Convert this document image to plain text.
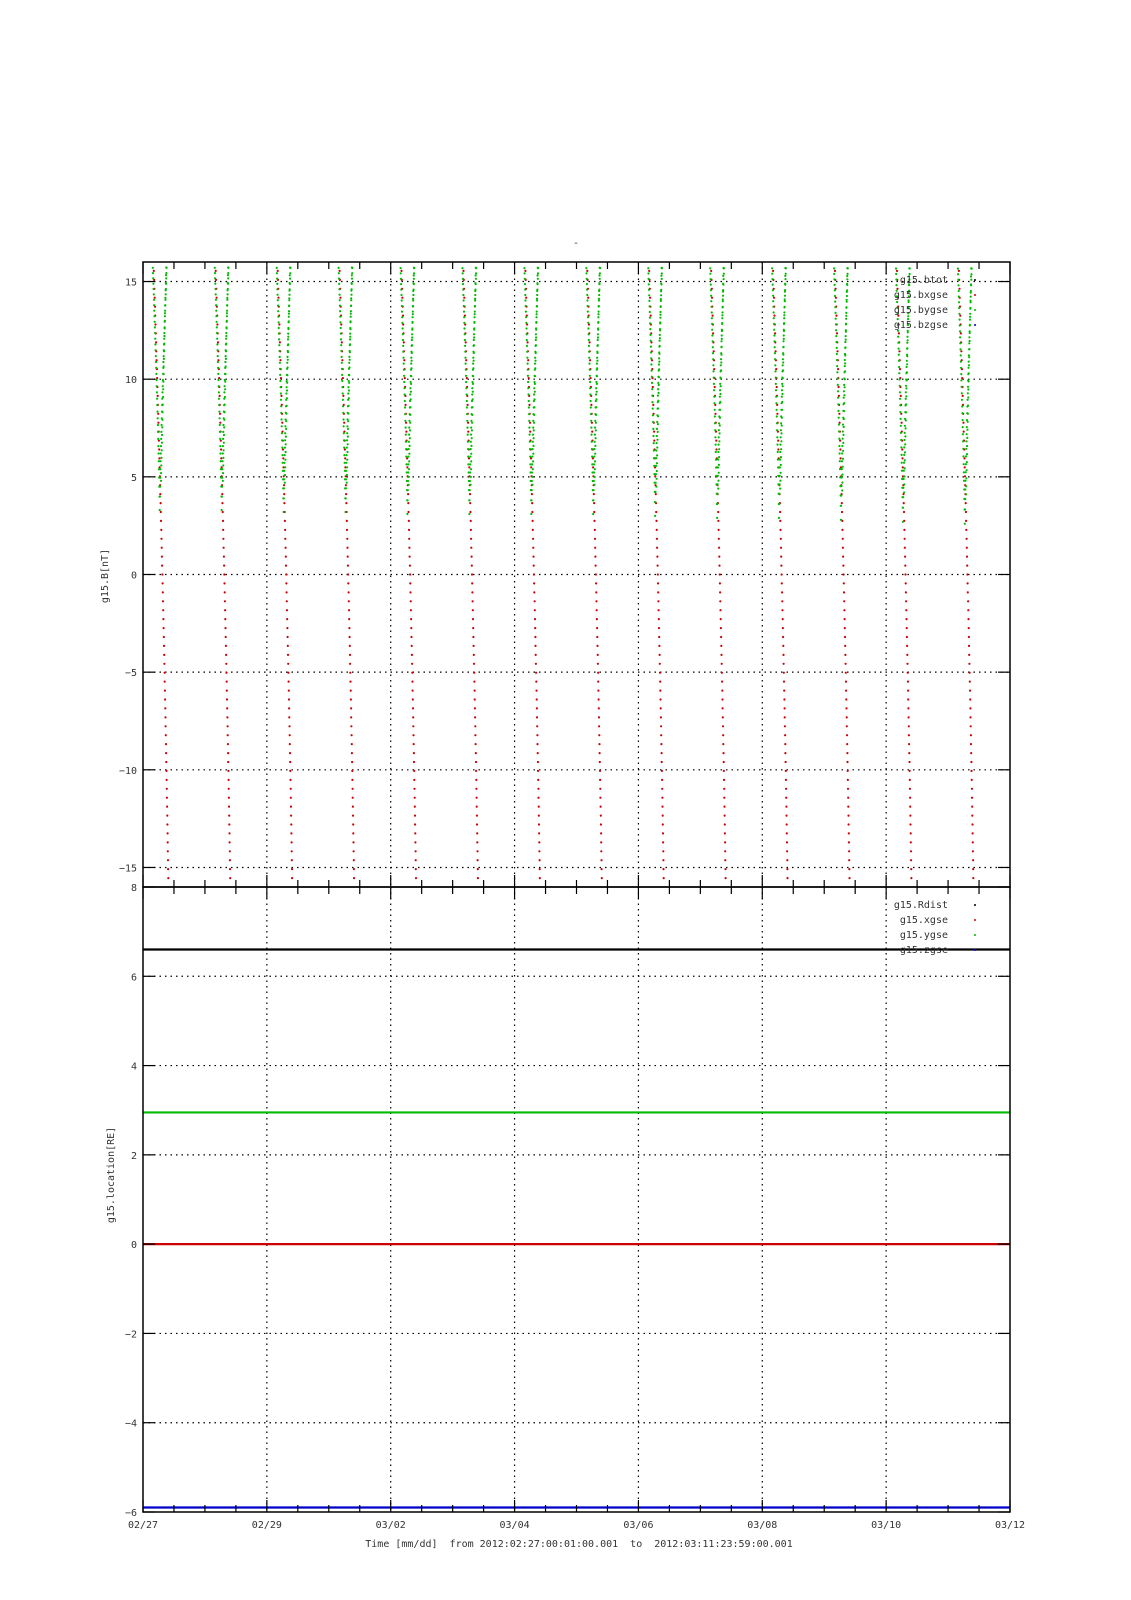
-
15
10
5
0
−5
−10
−15
g15.B[nT]
g15.btot
g15.bxgse
g15.bygse
g15.bzgse
8
6
4
2
0
−2
−4
−6
g15.location[RE]
g15.Rdist
g15.xgse
g15.ygse
g15.zgse
02/27	02/29	03/02	03/04	03/06	03/08	03/10	03/12
Time [mm/dd]  from 2012:02:27:00:01:00.001  to  2012:03:11:23:59:00.001
